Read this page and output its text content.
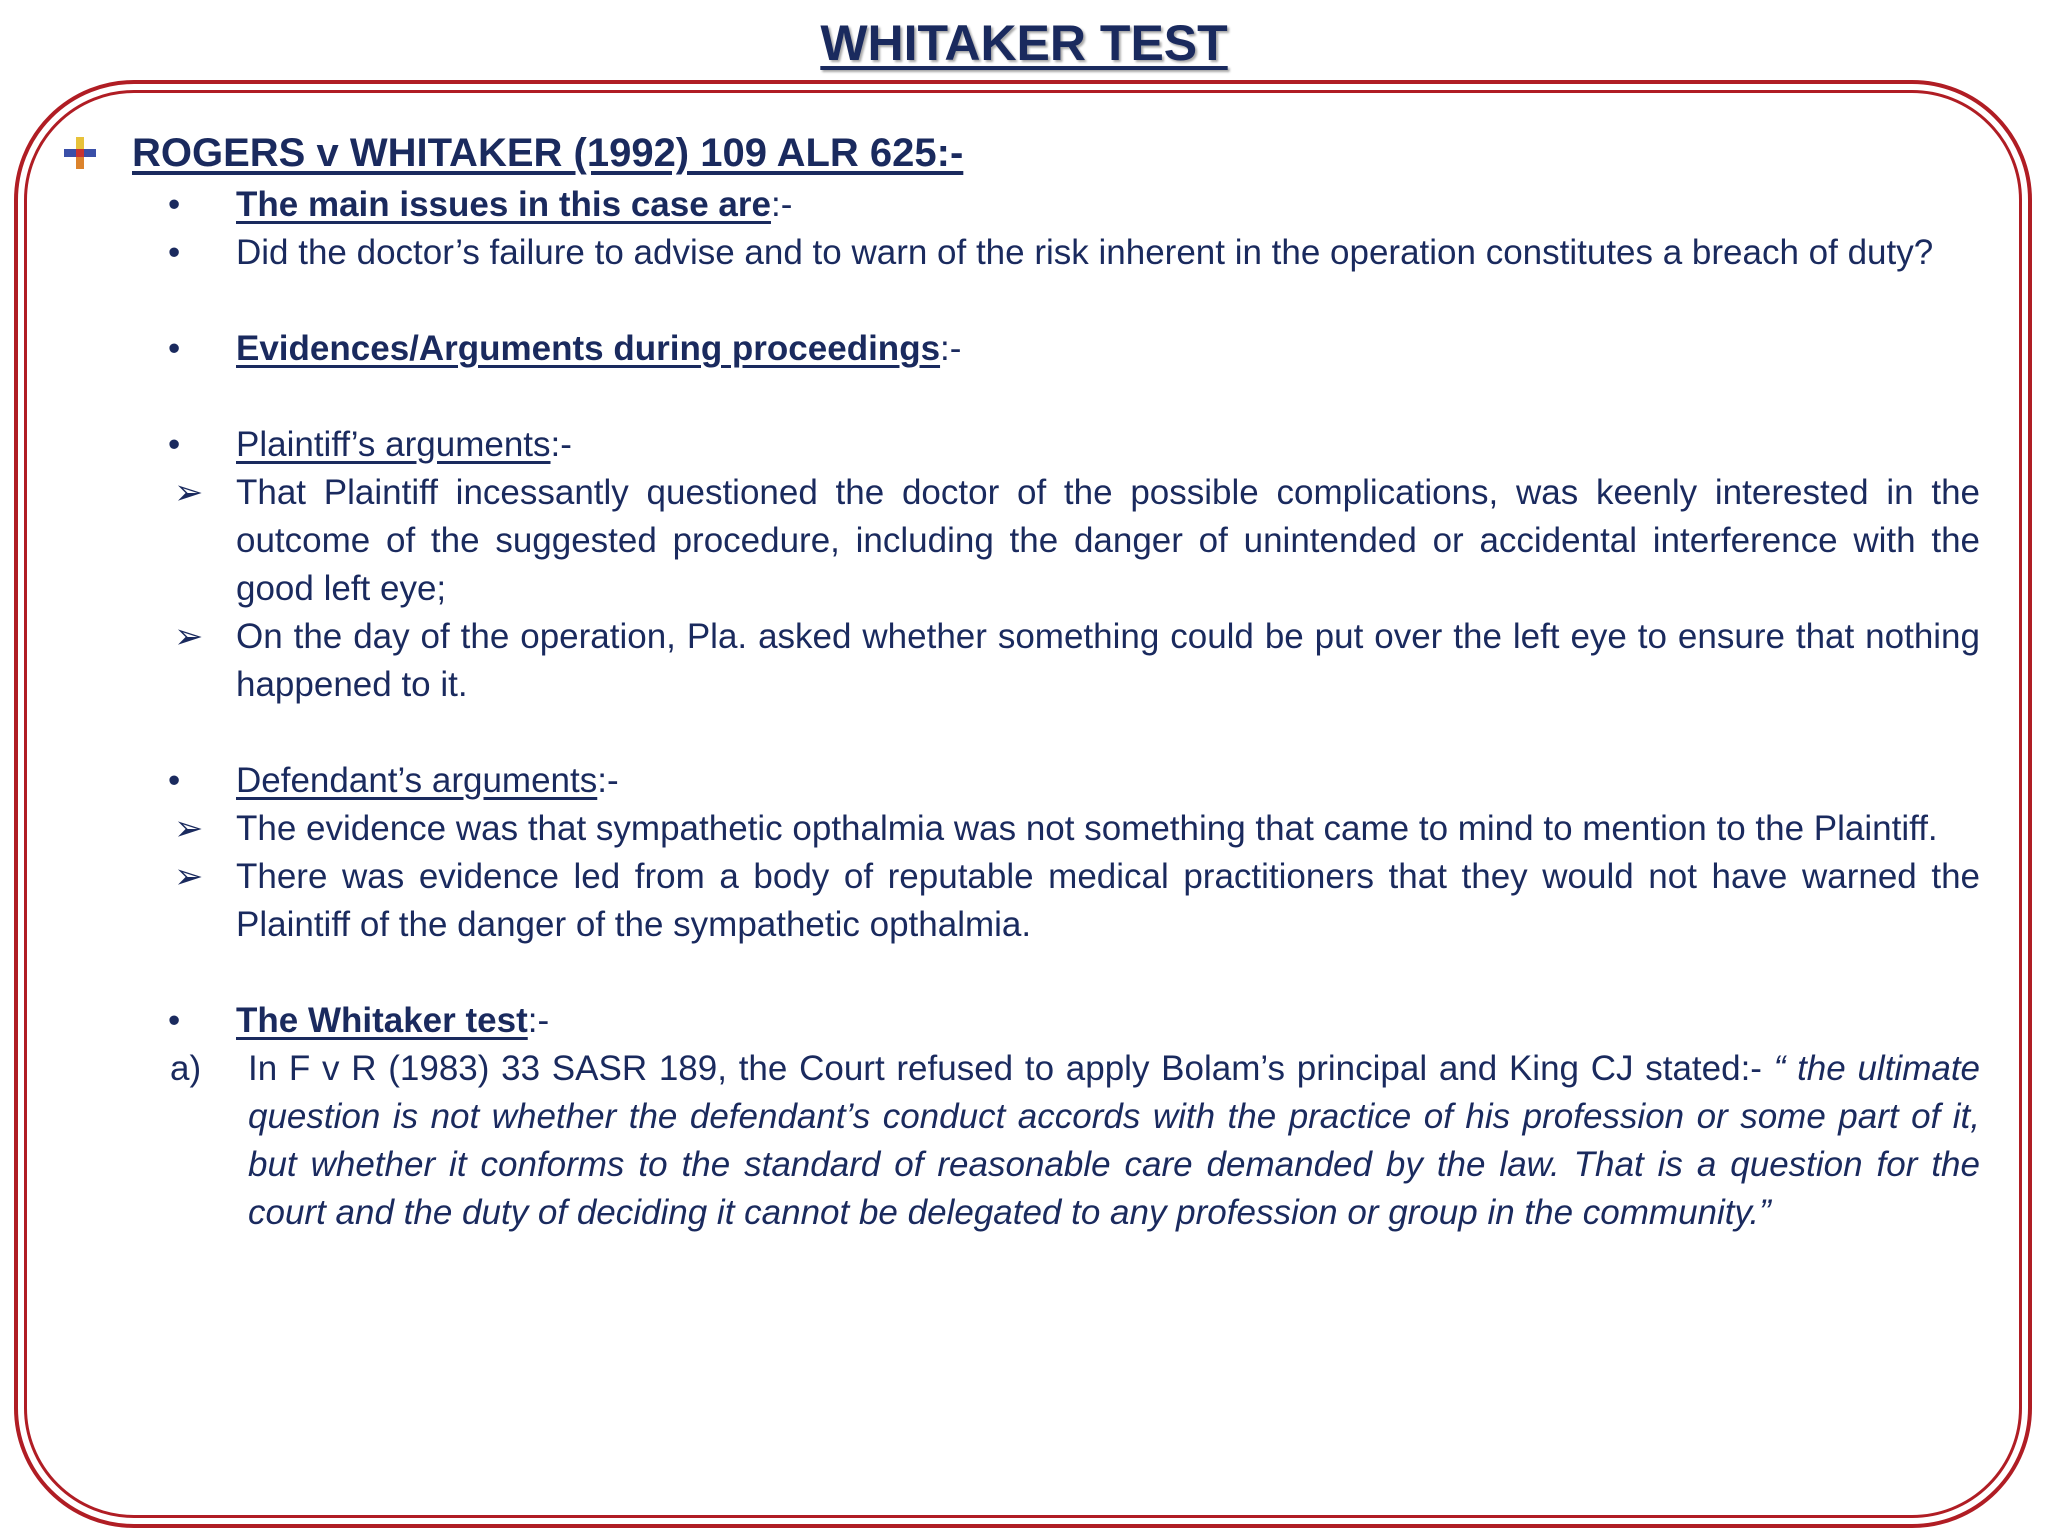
WHITAKER TEST
ROGERS v WHITAKER (1992) 109 ALR 625:-
•	The main issues in this case are:-
•	Did the doctor’s failure to advise and to warn of the risk inherent in the operation constitutes a breach of duty?
•	Evidences/Arguments during proceedings:-
•	Plaintiff’s arguments:-
➢ That Plaintiff incessantly questioned the doctor of the possible complications, was keenly interested in the outcome of the suggested procedure, including the danger of unintended or accidental interference with the good left eye;
➢ On the day of the operation, Pla. asked whether something could be put over the left eye to ensure that nothing happened to it.
•	Defendant’s arguments:-
➢ The evidence was that sympathetic opthalmia was not something that came to mind to mention to the Plaintiff.
➢ There was evidence led from a body of reputable medical practitioners that they would not have warned the Plaintiff of the danger of the sympathetic opthalmia.
•	The Whitaker test:-
a)	In F v R (1983) 33 SASR 189, the Court refused to apply Bolam’s principal and King CJ stated:- “ the ultimate question is not whether the defendant’s conduct accords with the practice of his profession or some part of it, but whether it conforms to the standard of reasonable care demanded by the law. That is a question for the court and the duty of deciding it cannot be delegated to any profession or group in the community.”
